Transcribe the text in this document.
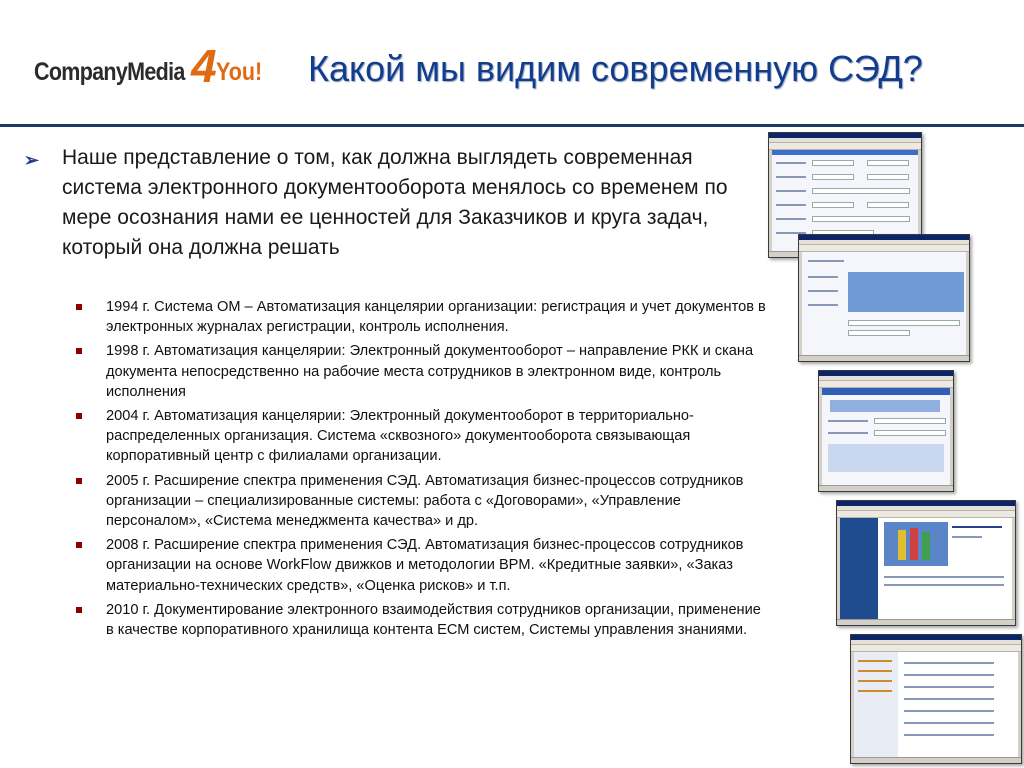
CompanyMedia 4 You! Какой мы видим современную СЭД?
➢ Наше представление о том, как должна выглядеть современная система электронного документооборота менялось со временем по мере осознания нами ее ценностей для Заказчиков и круга задач, который она должна решать
1994 г. Система ОМ – Автоматизация канцелярии организации: регистрация и учет документов в электронных журналах регистрации, контроль исполнения.
1998 г. Автоматизация канцелярии: Электронный документооборот – направление РКК и скана документа непосредственно на рабочие места сотрудников в электронном виде, контроль исполнения
2004 г. Автоматизация канцелярии: Электронный документооборот в территориально-распределенных организация. Система «сквозного» документооборота связывающая корпоративный центр с филиалами организации.
2005 г. Расширение спектра применения СЭД. Автоматизация бизнес-процессов сотрудников организации – специализированные системы: работа с «Договорами», «Управление персоналом», «Система менеджмента качества» и др.
2008 г. Расширение спектра применения СЭД. Автоматизация бизнес-процессов сотрудников организации на основе WorkFlow движков и методологии BPM. «Кредитные заявки», «Заказ материально-технических средств», «Оценка рисков» и т.п.
2010 г. Документирование электронного взаимодействия сотрудников организации, применение в качестве корпоративного хранилища контента ЕСМ систем, Системы управления знаниями.
